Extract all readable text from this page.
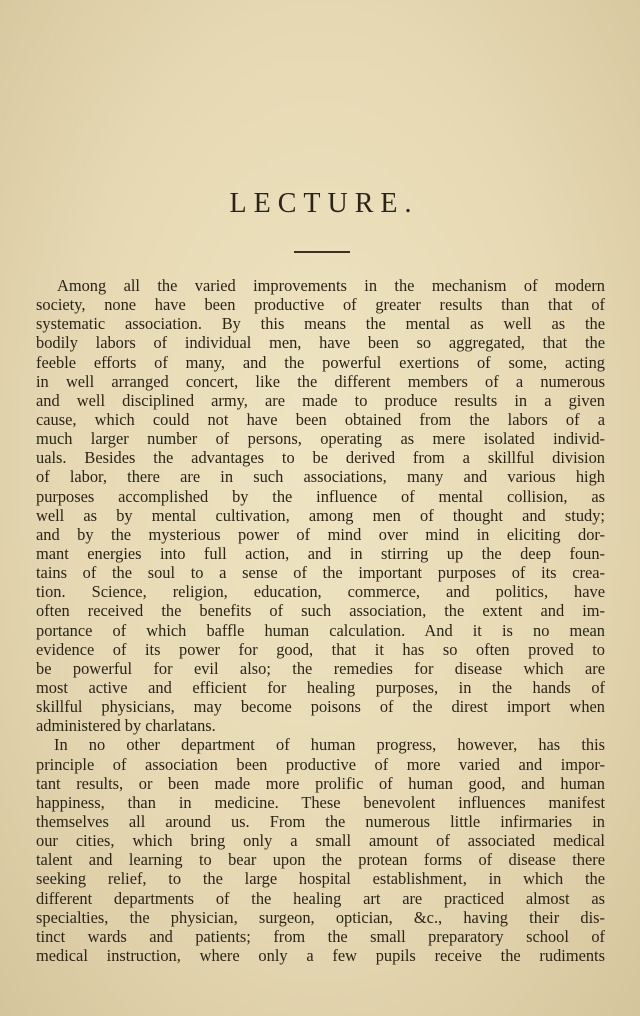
LECTURE.
Among all the varied improvements in the mechanism of modern
society, none have been productive of greater results than that of
systematic association. By this means the mental as well as the
bodily labors of individual men, have been so aggregated, that the
feeble efforts of many, and the powerful exertions of some, acting
in well arranged concert, like the different members of a numerous
and well disciplined army, are made to produce results in a given
cause, which could not have been obtained from the labors of a
much larger number of persons, operating as mere isolated individ-
uals. Besides the advantages to be derived from a skillful division
of labor, there are in such associations, many and various high
purposes accomplished by the influence of mental collision, as
well as by mental cultivation, among men of thought and study;
and by the mysterious power of mind over mind in eliciting dor-
mant energies into full action, and in stirring up the deep foun-
tains of the soul to a sense of the important purposes of its crea-
tion. Science, religion, education, commerce, and politics, have
often received the benefits of such association, the extent and im-
portance of which baffle human calculation. And it is no mean
evidence of its power for good, that it has so often proved to
be powerful for evil also; the remedies for disease which are
most active and efficient for healing purposes, in the hands of
skillful physicians, may become poisons of the direst import when
administered by charlatans.
In no other department of human progress, however, has this
principle of association been productive of more varied and impor-
tant results, or been made more prolific of human good, and human
happiness, than in medicine. These benevolent influences manifest
themselves all around us. From the numerous little infirmaries in
our cities, which bring only a small amount of associated medical
talent and learning to bear upon the protean forms of disease there
seeking relief, to the large hospital establishment, in which the
different departments of the healing art are practiced almost as
specialties, the physician, surgeon, optician, &c., having their dis-
tinct wards and patients; from the small preparatory school of
medical instruction, where only a few pupils receive the rudiments
